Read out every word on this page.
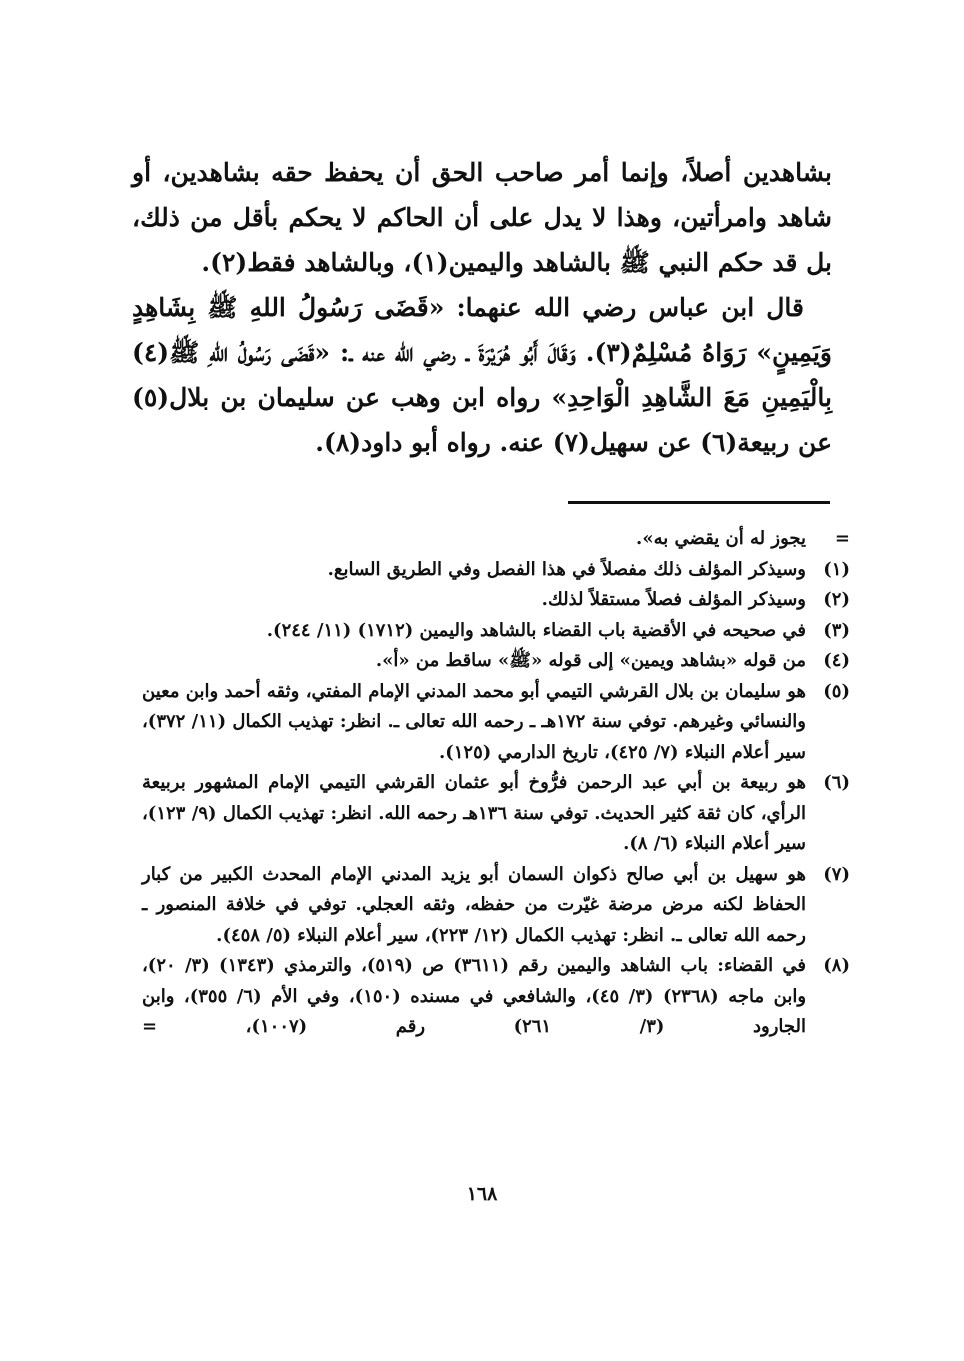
بشاهدين أصلاً، وإنما أمر صاحب الحق أن يحفظ حقه بشاهدين، أو شاهد وامرأتين، وهذا لا يدل على أن الحاكم لا يحكم بأقل من ذلك، بل قد حكم النبي ﷺ بالشاهد واليمين(١)، وبالشاهد فقط(٢).

قال ابن عباس رضي الله عنهما: «قَضَى رَسُولُ اللهِ ﷺ بِشَاهِدٍ وَيَمِينٍ» رَوَاهُ مُسْلِمٌ(٣). وَقَالَ أَبُو هُرَيْرَةَ ـ رضي الله عنه ـ: «قَضَى رَسُولُ اللهِ ﷺ(٤) بِالْيَمِينِ مَعَ الشَّاهِدِ الْوَاحِدِ» رواه ابن وهب عن سليمان بن بلال(٥) عن ربيعة(٦) عن سهيل(٧) عنه. رواه أبو داود(٨).

=
يجوز له أن يقضي به».
(١)
وسيذكر المؤلف ذلك مفصلاً في هذا الفصل وفي الطريق السابع.
(٢)
وسيذكر المؤلف فصلاً مستقلاً لذلك.
(٣)
في صحيحه في الأقضية باب القضاء بالشاهد واليمين (١٧١٢) (١١/ ٢٤٤).
(٤)
من قوله «بشاهد ويمين» إلى قوله «ﷺ» ساقط من «أ».
(٥)
هو سليمان بن بلال القرشي التيمي أبو محمد المدني الإمام المفتي، وثقه أحمد وابن معين والنسائي وغيرهم. توفي سنة ١٧٢هـ ـ رحمه الله تعالى ـ. انظر: تهذيب الكمال (١١/ ٣٧٢)، سير أعلام النبلاء (٧/ ٤٢٥)، تاريخ الدارمي (١٢٥).
(٦)
هو ربيعة بن أبي عبد الرحمن فرُّوخ أبو عثمان القرشي التيمي الإمام المشهور بربيعة الرأي، كان ثقة كثير الحديث. توفي سنة ١٣٦هـ رحمه الله. انظر: تهذيب الكمال (٩/ ١٢٣)، سير أعلام النبلاء (٦/ ٨).
(٧)
هو سهيل بن أبي صالح ذكوان السمان أبو يزيد المدني الإمام المحدث الكبير من كبار الحفاظ لكنه مرض مرضة غيّرت من حفظه، وثقه العجلي. توفي في خلافة المنصور ـ رحمه الله تعالى ـ. انظر: تهذيب الكمال (١٢/ ٢٢٣)، سير أعلام النبلاء (٥/ ٤٥٨).
(٨)
في القضاء: باب الشاهد واليمين رقم (٣٦١١) ص (٥١٩)، والترمذي (١٣٤٣) (٣/ ٢٠)، وابن ماجه (٢٣٦٨) (٣/ ٤٥)، والشافعي في مسنده (١٥٠)، وفي الأم (٦/ ٣٥٥)، وابن الجارود (٣/ ٢٦١) رقم (١٠٠٧)، =
١٦٨
